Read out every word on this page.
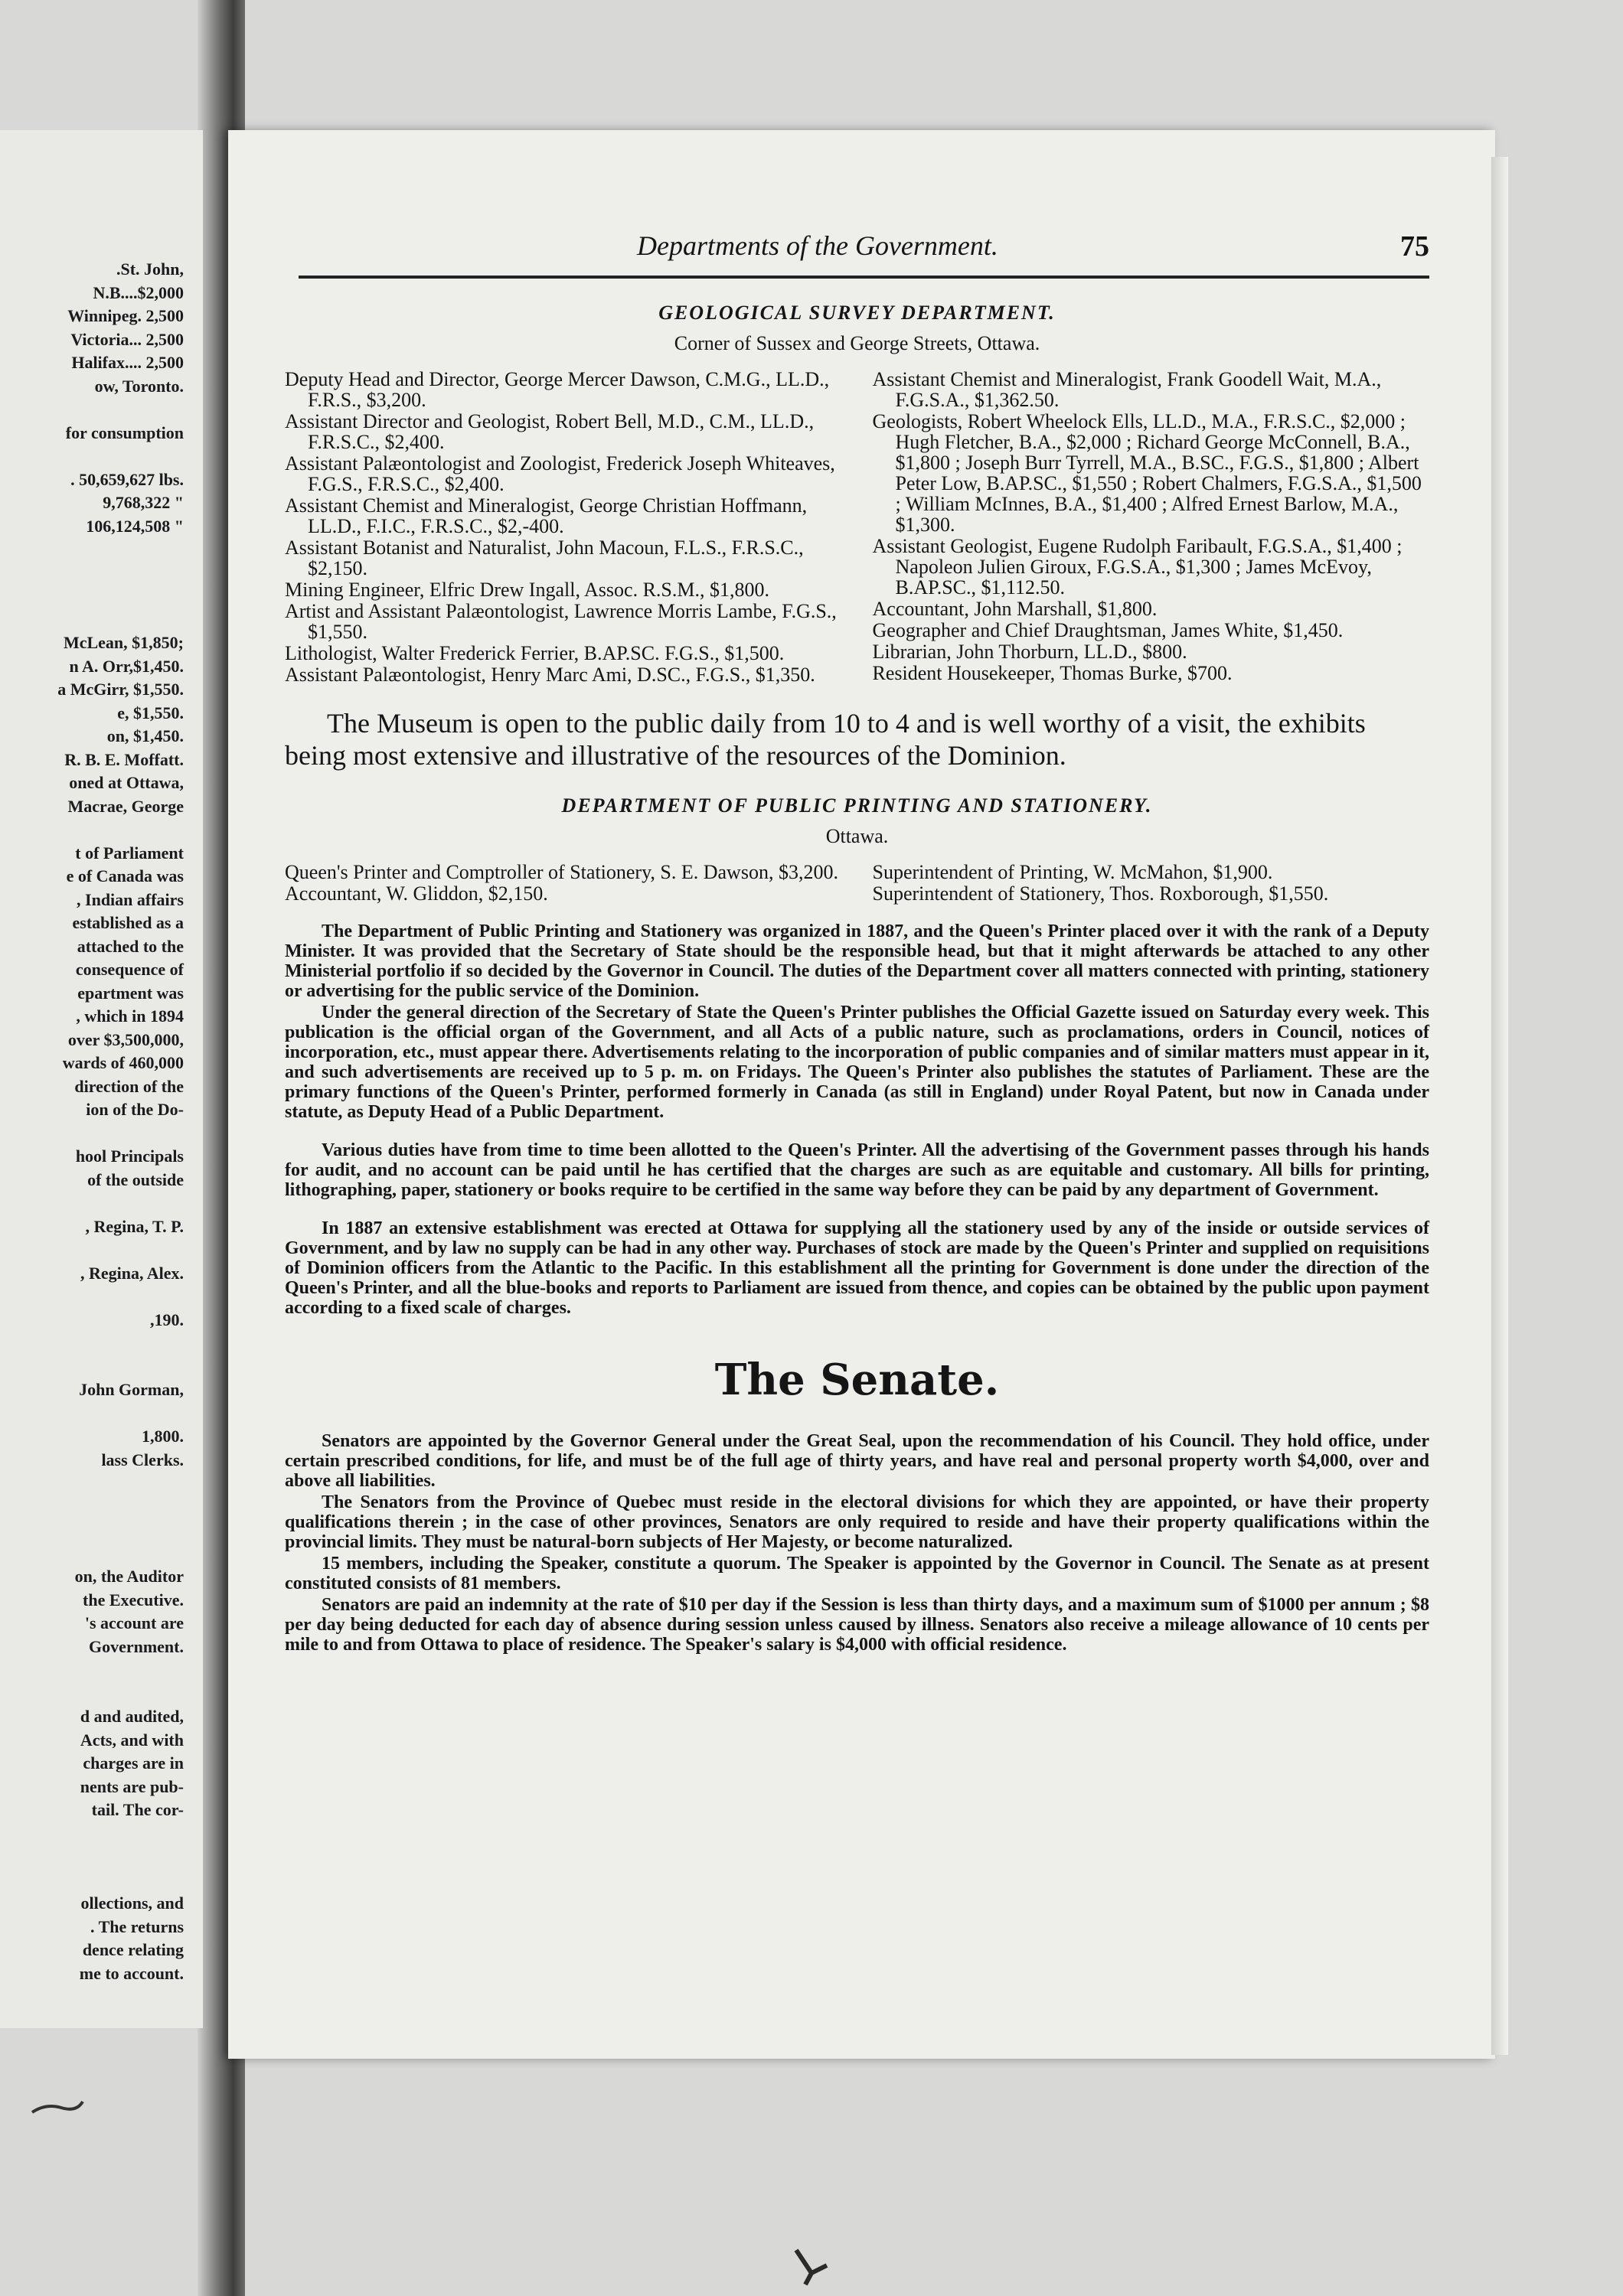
.St. John,
N.B....$2,000
Winnipeg. 2,500
Victoria... 2,500
Halifax.... 2,500
ow, Toronto.
for consumption
. 50,659,627 lbs.
9,768,322 "
106,124,508 "
McLean, $1,850;
n A. Orr,$1,450.
a McGirr, $1,550.
e, $1,550.
on, $1,450.
R. B. E. Moffatt.
oned at Ottawa,
Macrae, George
t of Parliament
e of Canada was
, Indian affairs
established as a
attached to the
consequence of
epartment was
, which in 1894
over $3,500,000,
wards of 460,000
direction of the
ion of the Do-
hool Principals
of the outside
, Regina, T. P.
, Regina, Alex.
,190.
John Gorman,
1,800.
lass Clerks.
on, the Auditor
the Executive.
's account are
Government.
d and audited,
Acts, and with
charges are in
nents are pub-
tail. The cor-
ollections, and
. The returns
dence relating
me to account.
Departments of the Government.	75
GEOLOGICAL SURVEY DEPARTMENT.
Corner of Sussex and George Streets, Ottawa.
Deputy Head and Director, George Mercer Dawson, C.M.G., LL.D., F.R.S., $3,200.
Assistant Director and Geologist, Robert Bell, M.D., C.M., LL.D., F.R.S.C., $2,400.
Assistant Palæontologist and Zoologist, Frederick Joseph Whiteaves, F.G.S., F.R.S.C., $2,400.
Assistant Chemist and Mineralogist, George Christian Hoffmann, LL.D., F.I.C., F.R.S.C., $2,-400.
Assistant Botanist and Naturalist, John Macoun, F.L.S., F.R.S.C., $2,150.
Mining Engineer, Elfric Drew Ingall, Assoc. R.S.M., $1,800.
Artist and Assistant Palæontologist, Lawrence Morris Lambe, F.G.S., $1,550.
Lithologist, Walter Frederick Ferrier, B.AP.SC. F.G.S., $1,500.
Assistant Palæontologist, Henry Marc Ami, D.SC., F.G.S., $1,350.
Assistant Chemist and Mineralogist, Frank Goodell Wait, M.A., F.G.S.A., $1,362.50.
Geologists, Robert Wheelock Ells, LL.D., M.A., F.R.S.C., $2,000 ; Hugh Fletcher, B.A., $2,000 ; Richard George McConnell, B.A., $1,800 ; Joseph Burr Tyrrell, M.A., B.SC., F.G.S., $1,800 ; Albert Peter Low, B.AP.SC., $1,550 ; Robert Chalmers, F.G.S.A., $1,500 ; William McInnes, B.A., $1,400 ; Alfred Ernest Barlow, M.A., $1,300.
Assistant Geologist, Eugene Rudolph Faribault, F.G.S.A., $1,400 ; Napoleon Julien Giroux, F.G.S.A., $1,300 ; James McEvoy, B.AP.SC., $1,112.50.
Accountant, John Marshall, $1,800.
Geographer and Chief Draughtsman, James White, $1,450.
Librarian, John Thorburn, LL.D., $800.
Resident Housekeeper, Thomas Burke, $700.
The Museum is open to the public daily from 10 to 4 and is well worthy of a visit, the exhibits being most extensive and illustrative of the resources of the Dominion.
DEPARTMENT OF PUBLIC PRINTING AND STATIONERY.
Ottawa.
Queen's Printer and Comptroller of Stationery, S. E. Dawson, $3,200.
Accountant, W. Gliddon, $2,150.
Superintendent of Printing, W. McMahon, $1,900.
Superintendent of Stationery, Thos. Roxborough, $1,550.

The Department of Public Printing and Stationery was organized in 1887, and the Queen's Printer placed over it with the rank of a Deputy Minister. It was provided that the Secretary of State should be the responsible head, but that it might afterwards be attached to any other Ministerial portfolio if so decided by the Governor in Council. The duties of the Department cover all matters connected with printing, stationery or advertising for the public service of the Dominion.

Under the general direction of the Secretary of State the Queen's Printer publishes the Official Gazette issued on Saturday every week. This publication is the official organ of the Government, and all Acts of a public nature, such as proclamations, orders in Council, notices of incorporation, etc., must appear there. Advertisements relating to the incorporation of public companies and of similar matters must appear in it, and such advertisements are received up to 5 p. m. on Fridays. The Queen's Printer also publishes the statutes of Parliament. These are the primary functions of the Queen's Printer, performed formerly in Canada (as still in England) under Royal Patent, but now in Canada under statute, as Deputy Head of a Public Department.

Various duties have from time to time been allotted to the Queen's Printer. All the advertising of the Government passes through his hands for audit, and no account can be paid until he has certified that the charges are such as are equitable and customary. All bills for printing, lithographing, paper, stationery or books require to be certified in the same way before they can be paid by any department of Government.

In 1887 an extensive establishment was erected at Ottawa for supplying all the stationery used by any of the inside or outside services of Government, and by law no supply can be had in any other way. Purchases of stock are made by the Queen's Printer and supplied on requisitions of Dominion officers from the Atlantic to the Pacific. In this establishment all the printing for Government is done under the direction of the Queen's Printer, and all the blue-books and reports to Parliament are issued from thence, and copies can be obtained by the public upon payment according to a fixed scale of charges.

The Senate.

Senators are appointed by the Governor General under the Great Seal, upon the recommendation of his Council. They hold office, under certain prescribed conditions, for life, and must be of the full age of thirty years, and have real and personal property worth $4,000, over and above all liabilities.

The Senators from the Province of Quebec must reside in the electoral divisions for which they are appointed, or have their property qualifications therein ; in the case of other provinces, Senators are only required to reside and have their property qualifications within the provincial limits. They must be natural-born subjects of Her Majesty, or become naturalized.

15 members, including the Speaker, constitute a quorum. The Speaker is appointed by the Governor in Council. The Senate as at present constituted consists of 81 members.

Senators are paid an indemnity at the rate of $10 per day if the Session is less than thirty days, and a maximum sum of $1000 per annum ; $8 per day being deducted for each day of absence during session unless caused by illness. Senators also receive a mileage allowance of 10 cents per mile to and from Ottawa to place of residence. The Speaker's salary is $4,000 with official residence.
